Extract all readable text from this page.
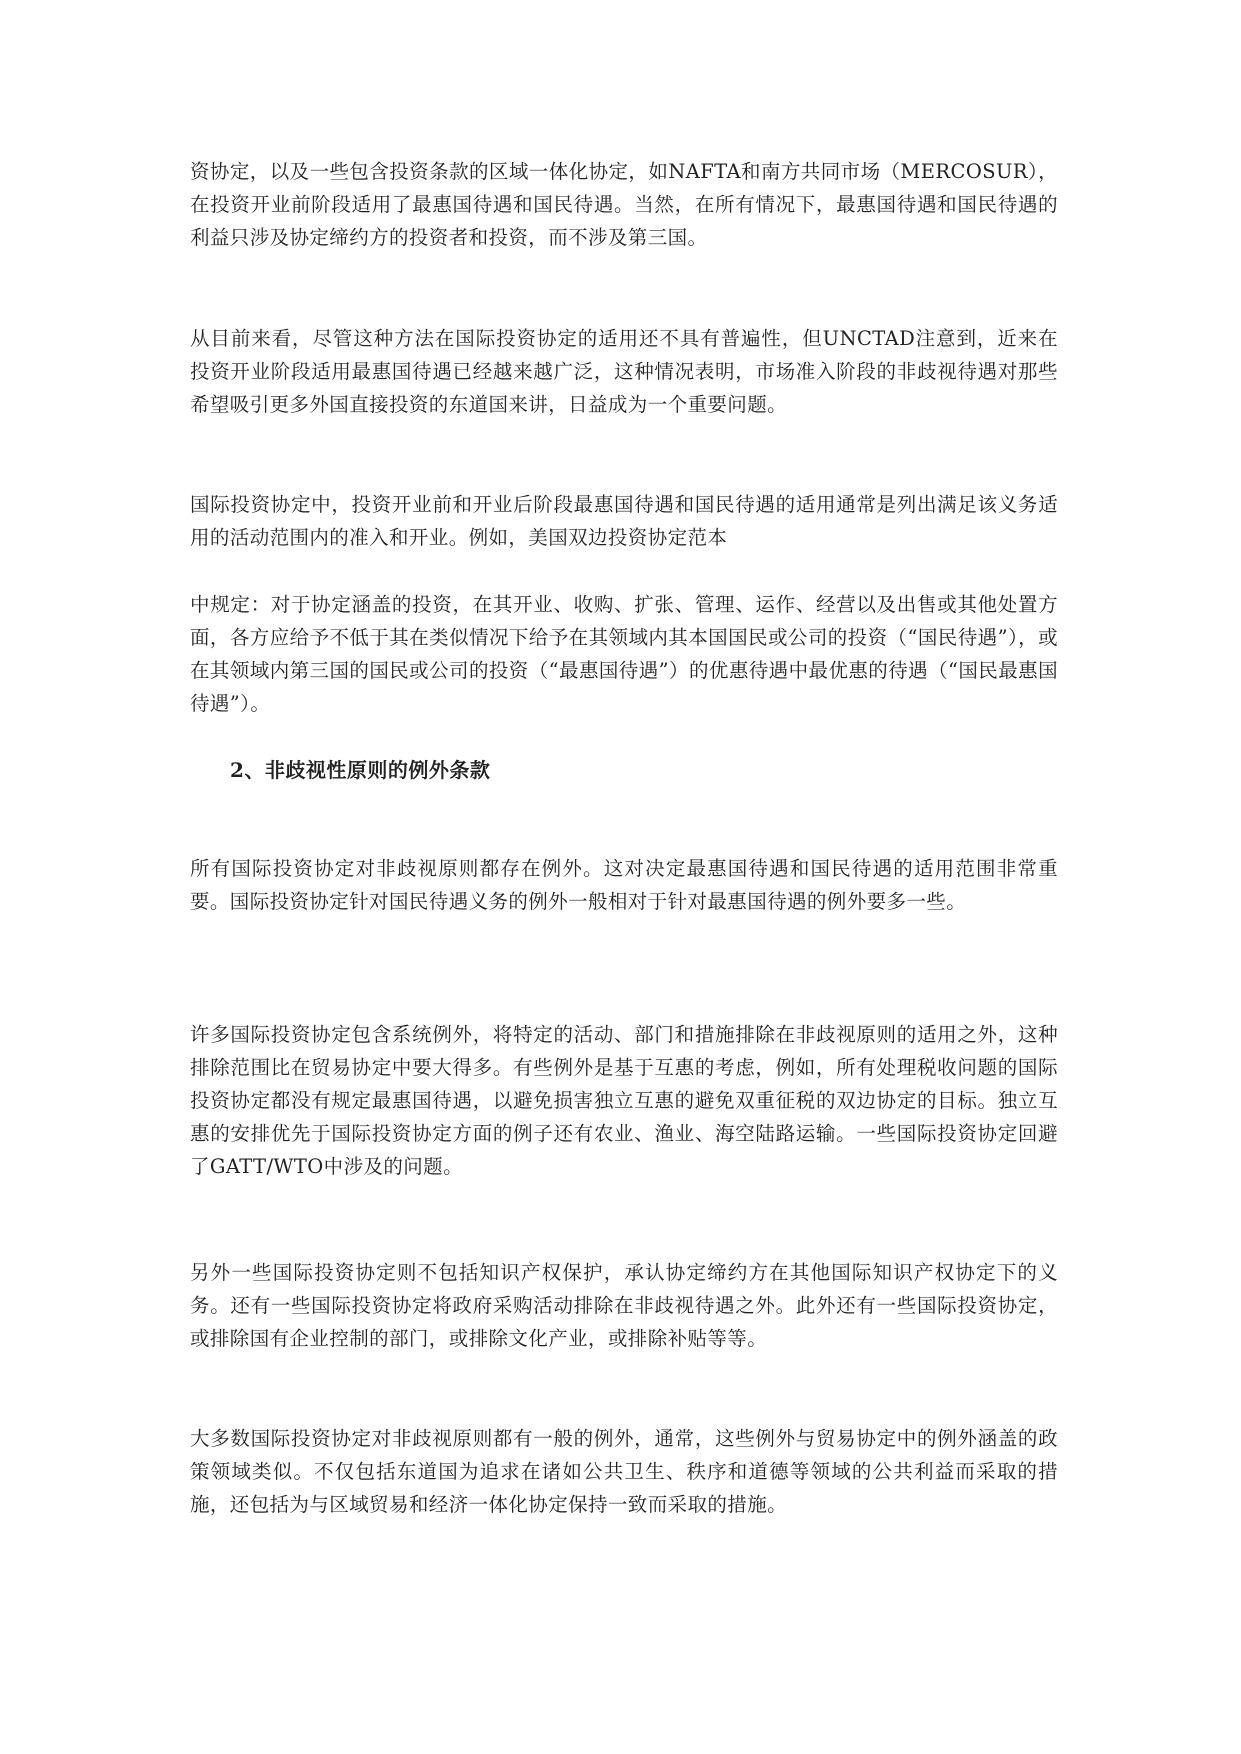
资协定，以及一些包含投资条款的区域一体化协定，如NAFTA和南方共同市场（MERCOSUR），在投资开业前阶段适用了最惠国待遇和国民待遇。当然，在所有情况下，最惠国待遇和国民待遇的利益只涉及协定缔约方的投资者和投资，而不涉及第三国。

从目前来看，尽管这种方法在国际投资协定的适用还不具有普遍性，但UNCTAD注意到，近来在投资开业阶段适用最惠国待遇已经越来越广泛，这种情况表明，市场准入阶段的非歧视待遇对那些希望吸引更多外国直接投资的东道国来讲，日益成为一个重要问题。

国际投资协定中，投资开业前和开业后阶段最惠国待遇和国民待遇的适用通常是列出满足该义务适用的活动范围内的准入和开业。例如，美国双边投资协定范本

中规定：对于协定涵盖的投资，在其开业、收购、扩张、管理、运作、经营以及出售或其他处置方面，各方应给予不低于其在类似情况下给予在其领域内其本国国民或公司的投资（“国民待遇”），或在其领域内第三国的国民或公司的投资（“最惠国待遇”）的优惠待遇中最优惠的待遇（“国民最惠国待遇”）。

2、非歧视性原则的例外条款

所有国际投资协定对非歧视原则都存在例外。这对决定最惠国待遇和国民待遇的适用范围非常重要。国际投资协定针对国民待遇义务的例外一般相对于针对最惠国待遇的例外要多一些。

许多国际投资协定包含系统例外，将特定的活动、部门和措施排除在非歧视原则的适用之外，这种排除范围比在贸易协定中要大得多。有些例外是基于互惠的考虑，例如，所有处理税收问题的国际投资协定都没有规定最惠国待遇，以避免损害独立互惠的避免双重征税的双边协定的目标。独立互惠的安排优先于国际投资协定方面的例子还有农业、渔业、海空陆路运输。一些国际投资协定回避了GATT/WTO中涉及的问题。

另外一些国际投资协定则不包括知识产权保护，承认协定缔约方在其他国际知识产权协定下的义务。还有一些国际投资协定将政府采购活动排除在非歧视待遇之外。此外还有一些国际投资协定，或排除国有企业控制的部门，或排除文化产业，或排除补贴等等。

大多数国际投资协定对非歧视原则都有一般的例外，通常，这些例外与贸易协定中的例外涵盖的政策领域类似。不仅包括东道国为追求在诸如公共卫生、秩序和道德等领域的公共利益而采取的措施，还包括为与区域贸易和经济一体化协定保持一致而采取的措施。
